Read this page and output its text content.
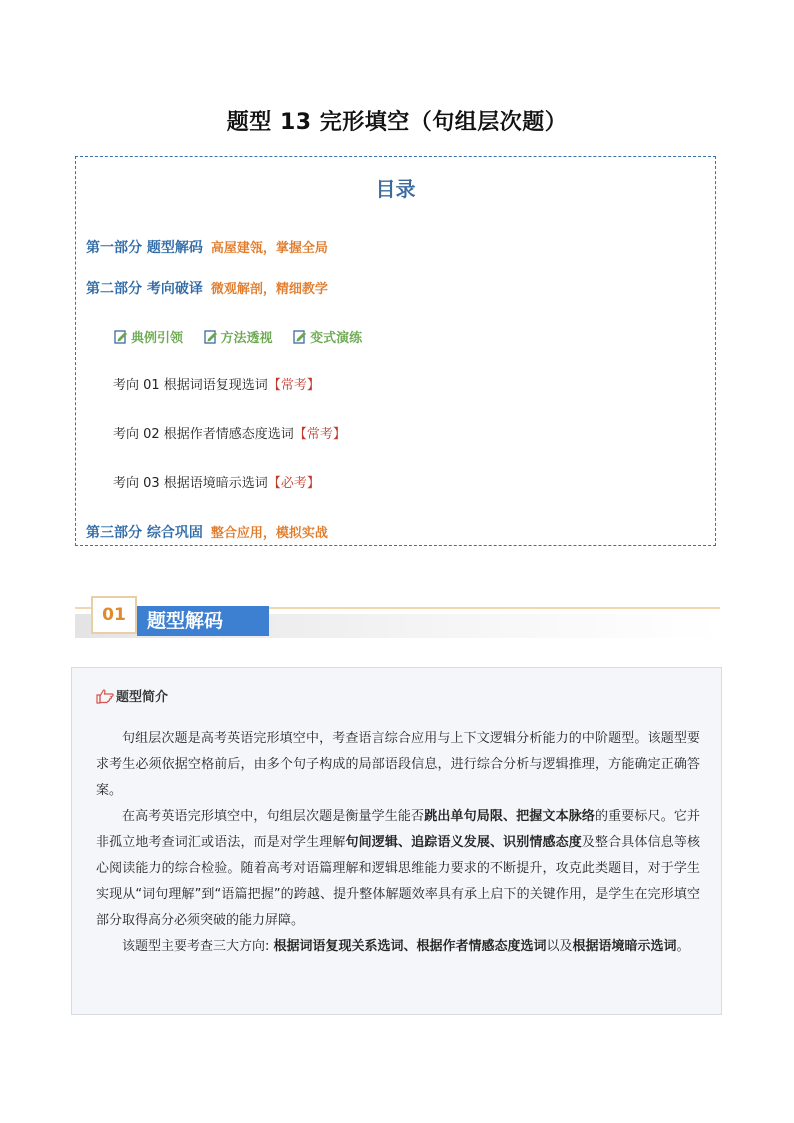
题型 13 完形填空（句组层次题）
目录
第一部分 题型解码 高屋建瓴，掌握全局
第二部分 考向破译 微观解剖，精细教学
典例引领
	方法透视
	变式演练
考向 01 根据词语复现选词【常考】
考向 02 根据作者情感态度选词【常考】
考向 03 根据语境暗示选词【必考】
第三部分 综合巩固 整合应用，模拟实战
01	题型解码
题型简介

句组层次题是高考英语完形填空中，考查语言综合应用与上下文逻辑分析能力的中阶题型。该题型要求考生必须依据空格前后，由多个句子构成的局部语段信息，进行综合分析与逻辑推理，方能确定正确答案。

在高考英语完形填空中，句组层次题是衡量学生能否跳出单句局限、把握文本脉络的重要标尺。它并非孤立地考查词汇或语法，而是对学生理解句间逻辑、追踪语义发展、识别情感态度及整合具体信息等核心阅读能力的综合检验。随着高考对语篇理解和逻辑思维能力要求的不断提升，攻克此类题目，对于学生实现从“词句理解”到“语篇把握”的跨越、提升整体解题效率具有承上启下的关键作用，是学生在完形填空部分取得高分必须突破的能力屏障。

该题型主要考查三大方向: 根据词语复现关系选词、根据作者情感态度选词以及根据语境暗示选词。
